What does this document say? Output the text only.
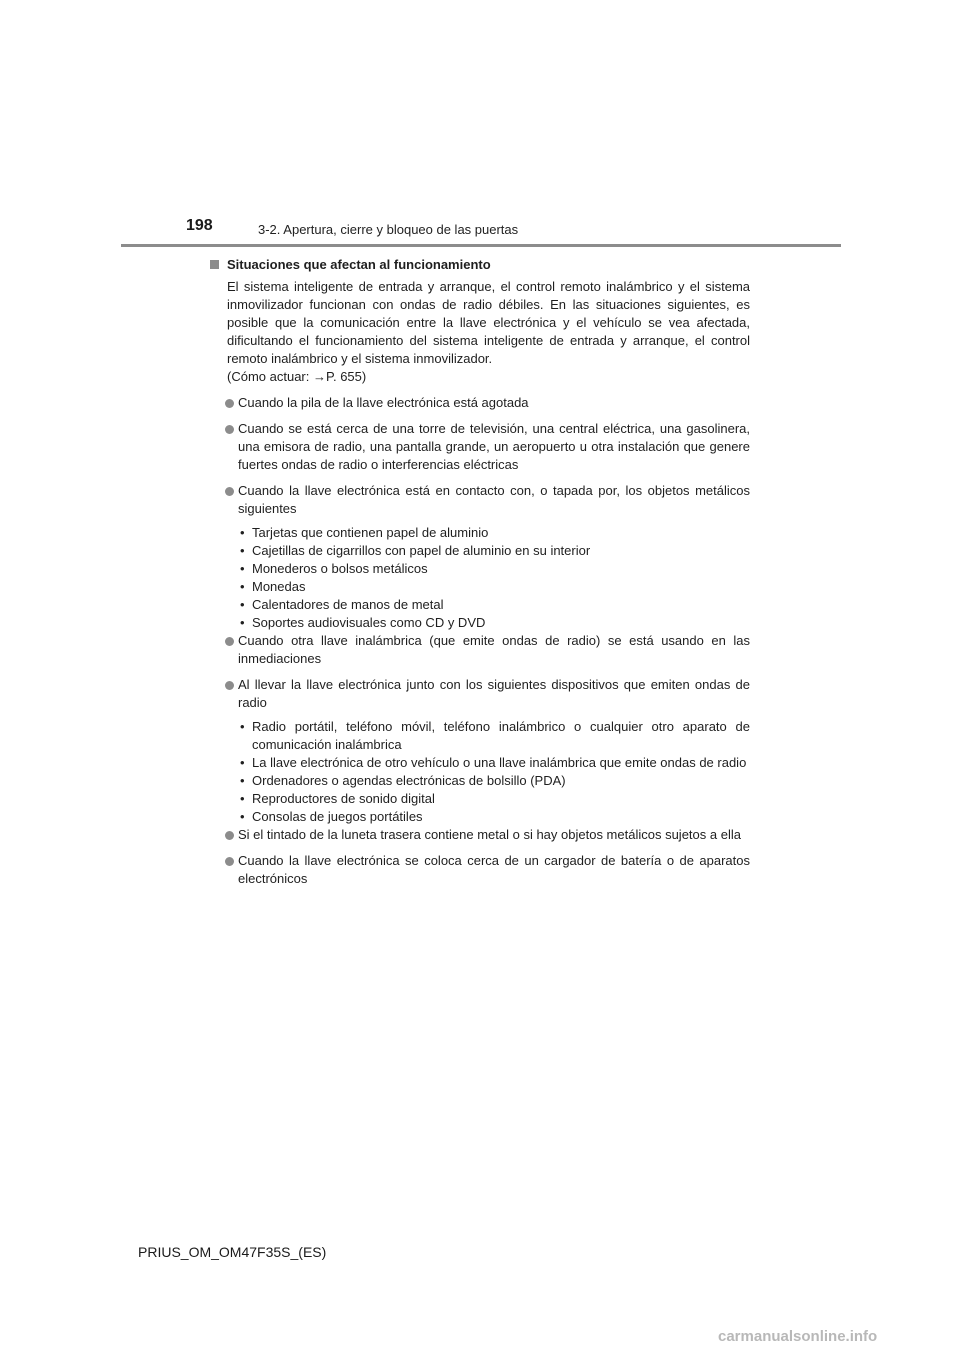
198	3-2. Apertura, cierre y bloqueo de las puertas
Situaciones que afectan al funcionamiento

El sistema inteligente de entrada y arranque, el control remoto inalámbrico y el sistema inmovilizador funcionan con ondas de radio débiles. En las situaciones siguientes, es posible que la comunicación entre la llave electrónica y el vehículo se vea afectada, dificultando el funcionamiento del sistema inteligente de entrada y arranque, el control remoto inalámbrico y el sistema inmovilizador.

(Cómo actuar: →P. 655)

Cuando la pila de la llave electrónica está agotada
Cuando se está cerca de una torre de televisión, una central eléctrica, una gasolinera, una emisora de radio, una pantalla grande, un aeropuerto u otra instalación que genere fuertes ondas de radio o interferencias eléctricas
Cuando la llave electrónica está en contacto con, o tapada por, los objetos metálicos siguientes
• Tarjetas que contienen papel de aluminio
• Cajetillas de cigarrillos con papel de aluminio en su interior
• Monederos o bolsos metálicos
• Monedas
• Calentadores de manos de metal
• Soportes audiovisuales como CD y DVD
Cuando otra llave inalámbrica (que emite ondas de radio) se está usando en las inmediaciones
Al llevar la llave electrónica junto con los siguientes dispositivos que emiten ondas de radio
• Radio portátil, teléfono móvil, teléfono inalámbrico o cualquier otro aparato de comunicación inalámbrica
• La llave electrónica de otro vehículo o una llave inalámbrica que emite ondas de radio
• Ordenadores o agendas electrónicas de bolsillo (PDA)
• Reproductores de sonido digital
• Consolas de juegos portátiles
Si el tintado de la luneta trasera contiene metal o si hay objetos metálicos sujetos a ella
Cuando la llave electrónica se coloca cerca de un cargador de batería o de aparatos electrónicos
PRIUS_OM_OM47F35S_(ES)
carmanualsonline.info
